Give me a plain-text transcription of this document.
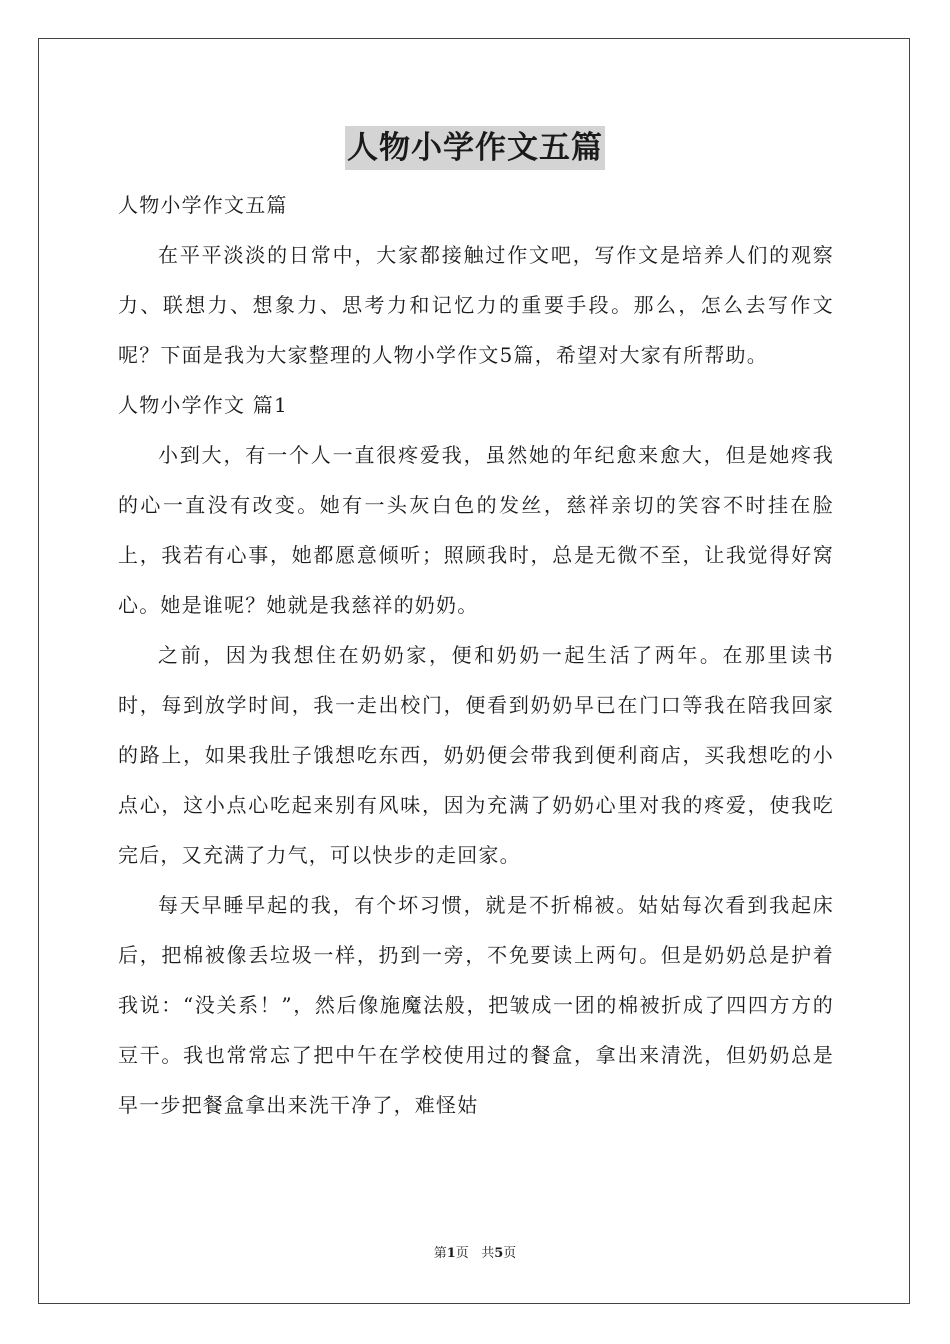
人物小学作文五篇

人物小学作文五篇

在平平淡淡的日常中，大家都接触过作文吧，写作文是培养人们的观察力、联想力、想象力、思考力和记忆力的重要手段。那么，怎么去写作文呢？下面是我为大家整理的人物小学作文5篇，希望对大家有所帮助。

人物小学作文 篇1

小到大，有一个人一直很疼爱我，虽然她的年纪愈来愈大，但是她疼我的心一直没有改变。她有一头灰白色的发丝，慈祥亲切的笑容不时挂在脸上，我若有心事，她都愿意倾听；照顾我时，总是无微不至，让我觉得好窝心。她是谁呢？她就是我慈祥的奶奶。

之前，因为我想住在奶奶家，便和奶奶一起生活了两年。在那里读书时，每到放学时间，我一走出校门，便看到奶奶早已在门口等我在陪我回家的路上，如果我肚子饿想吃东西，奶奶便会带我到便利商店，买我想吃的小点心，这小点心吃起来别有风味，因为充满了奶奶心里对我的疼爱，使我吃完后，又充满了力气，可以快步的走回家。

每天早睡早起的我，有个坏习惯，就是不折棉被。姑姑每次看到我起床后，把棉被像丢垃圾一样，扔到一旁，不免要读上两句。但是奶奶总是护着我说：“没关系！”，然后像施魔法般，把皱成一团的棉被折成了四四方方的豆干。我也常常忘了把中午在学校使用过的餐盒，拿出来清洗，但奶奶总是早一步把餐盒拿出来洗干净了，难怪姑

第1页 共5页
